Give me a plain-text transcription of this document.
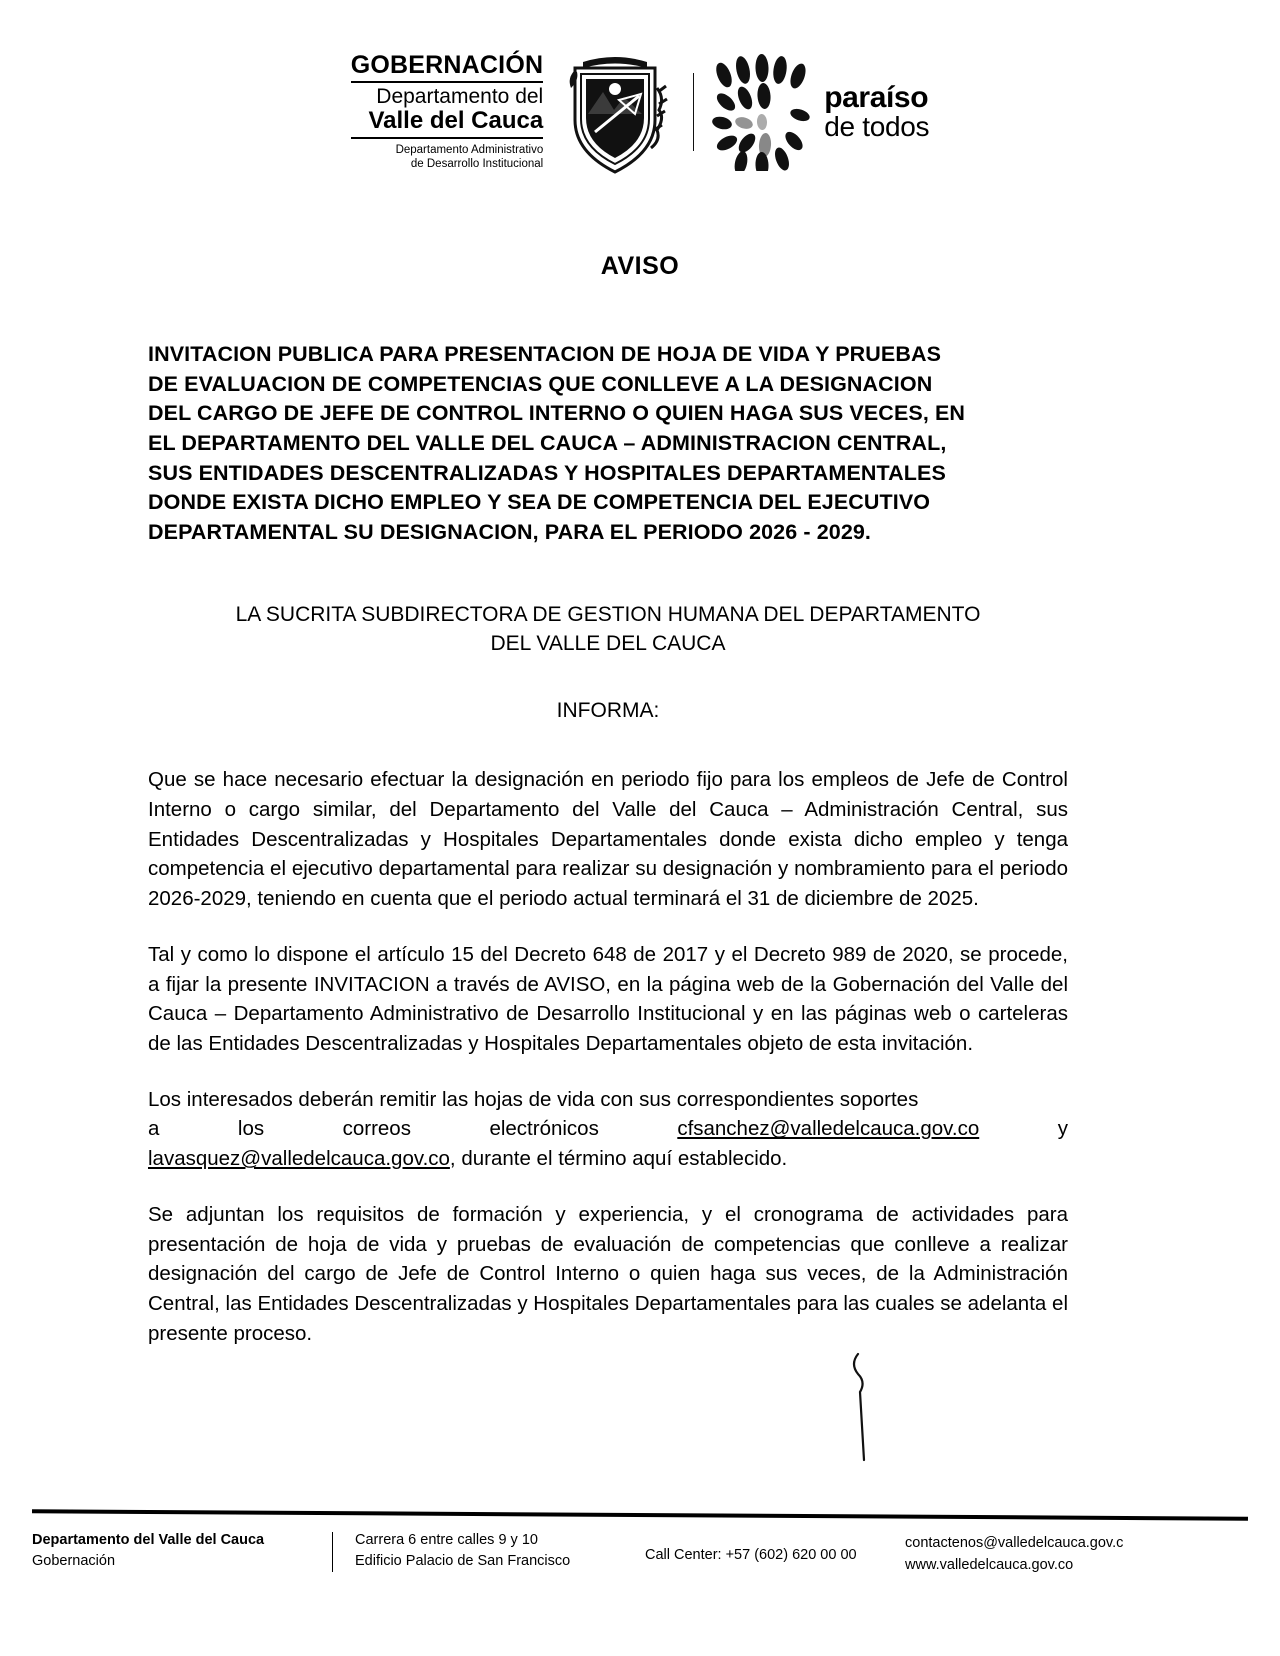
GOBERNACIÓN
Departamento del
Valle del Cauca
Departamento Administrativo
de Desarrollo Institucional
paraíso
de todos
AVISO
INVITACION PUBLICA PARA PRESENTACION DE HOJA DE VIDA Y PRUEBAS
DE EVALUACION DE COMPETENCIAS QUE CONLLEVE A LA DESIGNACION
DEL CARGO DE JEFE DE CONTROL INTERNO O QUIEN HAGA SUS VECES, EN
EL DEPARTAMENTO DEL VALLE DEL CAUCA – ADMINISTRACION CENTRAL,
SUS ENTIDADES DESCENTRALIZADAS Y HOSPITALES DEPARTAMENTALES
DONDE EXISTA DICHO EMPLEO Y SEA DE COMPETENCIA DEL EJECUTIVO
DEPARTAMENTAL SU DESIGNACION, PARA EL PERIODO 2026 - 2029.
LA SUCRITA SUBDIRECTORA DE GESTION HUMANA DEL DEPARTAMENTO
DEL VALLE DEL CAUCA
INFORMA:

Que se hace necesario efectuar la designación en periodo fijo para los empleos de Jefe de Control Interno o cargo similar, del Departamento del Valle del Cauca – Administración Central, sus Entidades Descentralizadas y Hospitales Departamentales donde exista dicho empleo y tenga competencia el ejecutivo departamental para realizar su designación y nombramiento para el periodo 2026-2029, teniendo en cuenta que el periodo actual terminará el 31 de diciembre de 2025.

Tal y como lo dispone el artículo 15 del Decreto 648 de 2017 y el Decreto 989 de 2020, se procede, a fijar la presente INVITACION a través de AVISO, en la página web de la Gobernación del Valle del Cauca – Departamento Administrativo de Desarrollo Institucional y en las páginas web o carteleras de las Entidades Descentralizadas y Hospitales Departamentales objeto de esta invitación.

Los interesados deberán remitir las hojas de vida con sus correspondientes soportes
a	los	correos	electrónicos	cfsanchez@valledelcauca.gov.co	y
lavasquez@valledelcauca.gov.co, durante el término aquí establecido.

Se adjuntan los requisitos de formación y experiencia, y el cronograma de actividades para presentación de hoja de vida y pruebas de evaluación de competencias que conlleve a realizar designación del cargo de Jefe de Control Interno o quien haga sus veces, de la Administración Central, las Entidades Descentralizadas y Hospitales Departamentales para las cuales se adelanta el presente proceso.

Departamento del Valle del Cauca
Gobernación
Carrera 6 entre calles 9 y 10
Edificio Palacio de San Francisco	Call Center: +57 (602) 620 00 00
contactenos@valledelcauca.gov.c
www.valledelcauca.gov.co
